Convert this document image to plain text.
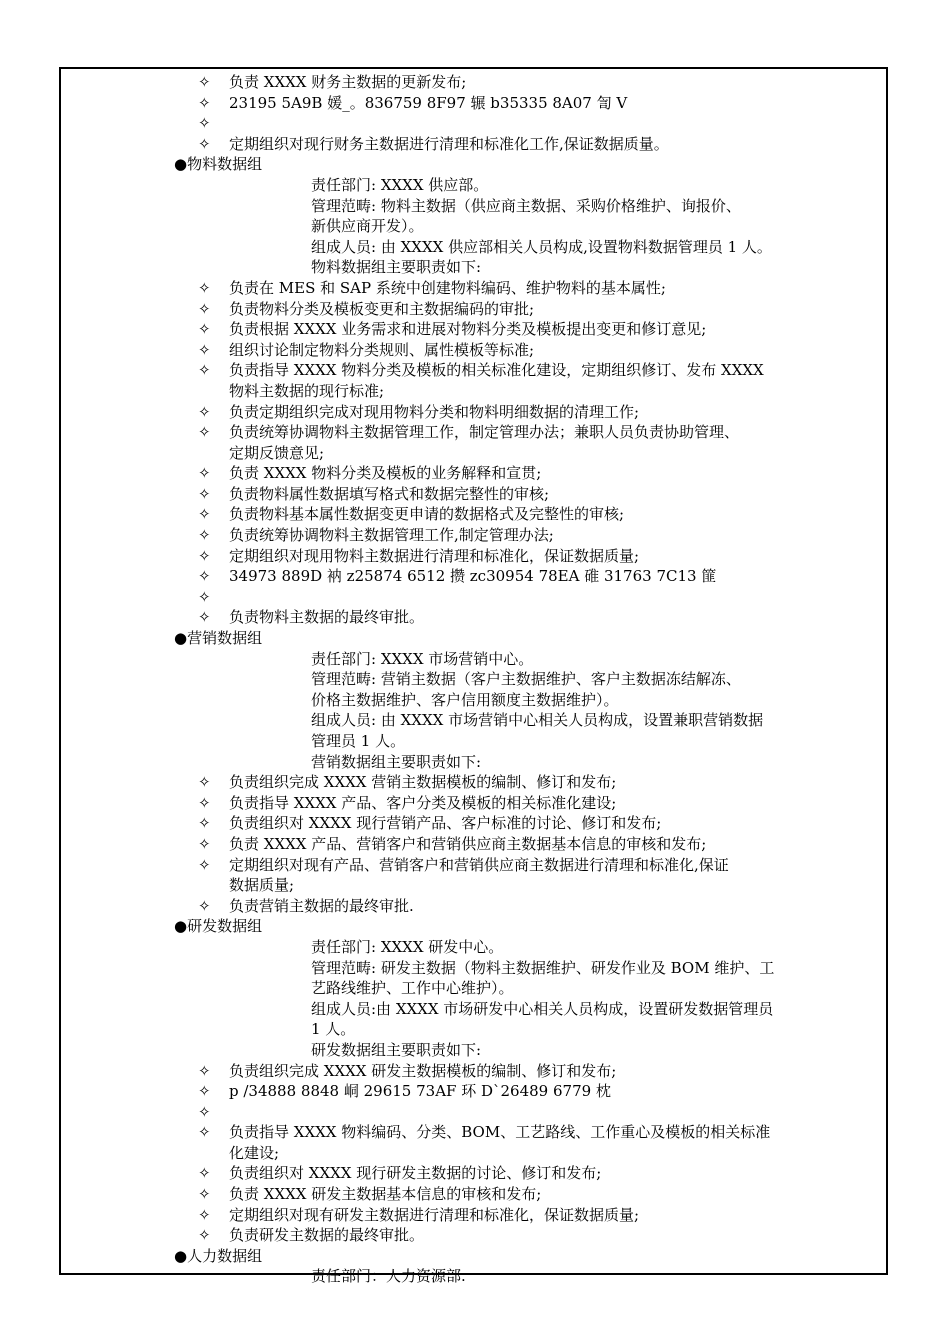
✧ 负责 XXXX 财务主数据的更新发布;
✧ 23195 5A9B 媛_。836759 8F97 辗 b35335 8A07 訇 V
✧
✧ 定期组织对现行财务主数据进行清理和标准化工作,保证数据质量。
●物料数据组
责任部门: XXXX 供应部。
管理范畴: 物料主数据（供应商主数据、采购价格维护、询报价、
新供应商开发）。
组成人员: 由 XXXX 供应部相关人员构成,设置物料数据管理员 1 人。
物料数据组主要职责如下:
✧ 负责在 MES 和 SAP 系统中创建物料编码、维护物料的基本属性;
✧ 负责物料分类及模板变更和主数据编码的审批;
✧ 负责根据 XXXX 业务需求和进展对物料分类及模板提出变更和修订意见;
✧ 组织讨论制定物料分类规则、属性模板等标准;
✧ 负责指导 XXXX 物料分类及模板的相关标准化建设，定期组织修订、发布 XXXX
物料主数据的现行标准;
✧ 负责定期组织完成对现用物料分类和物料明细数据的清理工作;
✧ 负责统筹协调物料主数据管理工作，制定管理办法；兼职人员负责协助管理、
定期反馈意见;
✧ 负责 XXXX 物料分类及模板的业务解释和宣贯;
✧ 负责物料属性数据填写格式和数据完整性的审核;
✧ 负责物料基本属性数据变更申请的数据格式及完整性的审核;
✧ 负责统筹协调物料主数据管理工作,制定管理办法;
✧ 定期组织对现用物料主数据进行清理和标准化，保证数据质量;
✧ 34973 889D 衲 z25874 6512 攒 zc30954 78EA 碓 31763 7C13 篚
✧
✧ 负责物料主数据的最终审批。
●营销数据组
责任部门: XXXX 市场营销中心。
管理范畴: 营销主数据（客户主数据维护、客户主数据冻结解冻、
价格主数据维护、客户信用额度主数据维护）。
组成人员: 由 XXXX 市场营销中心相关人员构成，设置兼职营销数据
管理员 1 人。
营销数据组主要职责如下:
✧ 负责组织完成 XXXX 营销主数据模板的编制、修订和发布;
✧ 负责指导 XXXX 产品、客户分类及模板的相关标准化建设;
✧ 负责组织对 XXXX 现行营销产品、客户标准的讨论、修订和发布;
✧ 负责 XXXX 产品、营销客户和营销供应商主数据基本信息的审核和发布;
✧ 定期组织对现有产品、营销客户和营销供应商主数据进行清理和标准化,保证
数据质量;
✧ 负责营销主数据的最终审批.
●研发数据组
责任部门: XXXX 研发中心。
管理范畴: 研发主数据（物料主数据维护、研发作业及 BOM 维护、工
艺路线维护、工作中心维护）。
组成人员:由 XXXX 市场研发中心相关人员构成，设置研发数据管理员
1 人。
研发数据组主要职责如下:
✧ 负责组织完成 XXXX 研发主数据模板的编制、修订和发布;
✧ p /34888 8848 峒 29615 73AF 环 D`26489 6779 枕
✧
✧ 负责指导 XXXX 物料编码、分类、BOM、工艺路线、工作重心及模板的相关标准
化建设;
✧ 负责组织对 XXXX 现行研发主数据的讨论、修订和发布;
✧ 负责 XXXX 研发主数据基本信息的审核和发布;
✧ 定期组织对现有研发主数据进行清理和标准化，保证数据质量;
✧ 负责研发主数据的最终审批。
●人力数据组
责任部门：人力资源部.
